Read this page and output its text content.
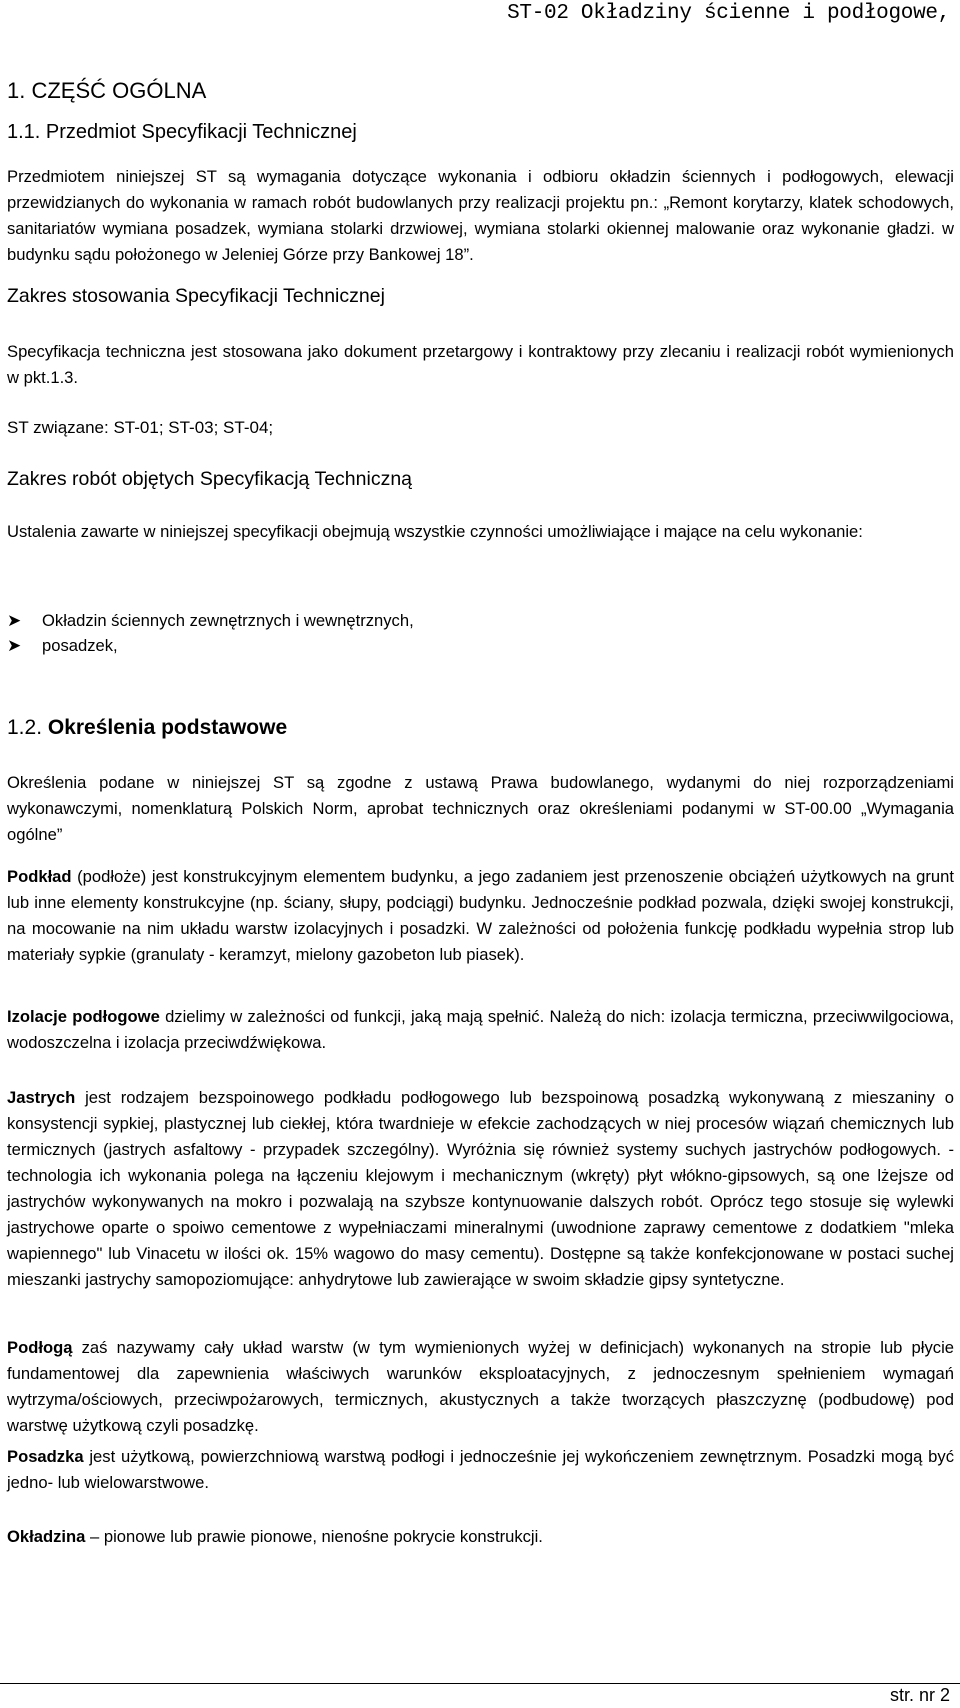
ST-02 Okładziny ścienne i podłogowe,
1. CZĘŚĆ OGÓLNA
1.1. Przedmiot Specyfikacji Technicznej

Przedmiotem niniejszej ST są wymagania dotyczące wykonania i odbioru okładzin ściennych i podłogowych, elewacji przewidzianych do wykonania w ramach robót budowlanych przy realizacji projektu pn.: „Remont korytarzy, klatek schodowych, sanitariatów wymiana posadzek, wymiana stolarki drzwiowej, wymiana stolarki okiennej malowanie oraz wykonanie gładzi. w budynku sądu położonego w Jeleniej Górze przy Bankowej 18”.

Zakres stosowania Specyfikacji Technicznej

Specyfikacja techniczna jest stosowana jako dokument przetargowy i kontraktowy przy zlecaniu i realizacji robót wymienionych w pkt.1.3.

ST związane: ST-01; ST-03; ST-04;

Zakres robót objętych Specyfikacją Techniczną

Ustalenia zawarte w niniejszej specyfikacji obejmują wszystkie czynności umożliwiające i mające na celu wykonanie:

➤ Okładzin ściennych zewnętrznych i wewnętrznych,
➤ posadzek,
1.2. Określenia podstawowe

Określenia podane w niniejszej ST są zgodne z ustawą Prawa budowlanego, wydanymi do niej rozporządzeniami wykonawczymi, nomenklaturą Polskich Norm, aprobat technicznych oraz określeniami podanymi w ST-00.00 „Wymagania ogólne”

Podkład (podłoże) jest konstrukcyjnym elementem budynku, a jego zadaniem jest przenoszenie obciążeń użytkowych na grunt lub inne elementy konstrukcyjne (np. ściany, słupy, podciągi) budynku. Jednocześnie podkład pozwala, dzięki swojej konstrukcji, na mocowanie na nim układu warstw izolacyjnych i posadzki. W zależności od położenia funkcję podkładu wypełnia strop lub materiały sypkie (granulaty - keramzyt, mielony gazobeton lub piasek).

Izolacje podłogowe dzielimy w zależności od funkcji, jaką mają spełnić. Należą do nich: izolacja termiczna, przeciwwilgociowa, wodoszczelna i izolacja przeciwdźwiękowa.

Jastrych jest rodzajem bezspoinowego podkładu podłogowego lub bezspoinową posadzką wykonywaną z mieszaniny o konsystencji sypkiej, plastycznej lub ciekłej, która twardnieje w efekcie zachodzących w niej procesów wiązań chemicznych lub termicznych (jastrych asfaltowy - przypadek szczególny). Wyróżnia się również systemy suchych jastrychów podłogowych. - technologia ich wykonania polega na łączeniu klejowym i mechanicznym (wkręty) płyt włókno-gipsowych, są one lżejsze od jastrychów wykonywanych na mokro i pozwalają na szybsze kontynuowanie dalszych robót. Oprócz tego stosuje się wylewki jastrychowe oparte o spoiwo cementowe z wypełniaczami mineralnymi (uwodnione zaprawy cementowe z dodatkiem "mleka wapiennego" lub Vinacetu w ilości ok. 15% wagowo do masy cementu). Dostępne są także konfekcjonowane w postaci suchej mieszanki jastrychy samopoziomujące: anhydrytowe lub zawierające w swoim składzie gipsy syntetyczne.

Podłogą zaś nazywamy cały układ warstw (w tym wymienionych wyżej w definicjach) wykonanych na stropie lub płycie fundamentowej dla zapewnienia właściwych warunków eksploatacyjnych, z jednoczesnym spełnieniem wymagań wytrzyma/ościowych, przeciwpożarowych, termicznych, akustycznych a także tworzących płaszczyznę (podbudowę) pod warstwę użytkową czyli posadzkę.

Posadzka jest użytkową, powierzchniową warstwą podłogi i jednocześnie jej wykończeniem zewnętrznym. Posadzki mogą być jedno- lub wielowarstwowe.

Okładzina – pionowe lub prawie pionowe, nienośne pokrycie konstrukcji.

str. nr 2
